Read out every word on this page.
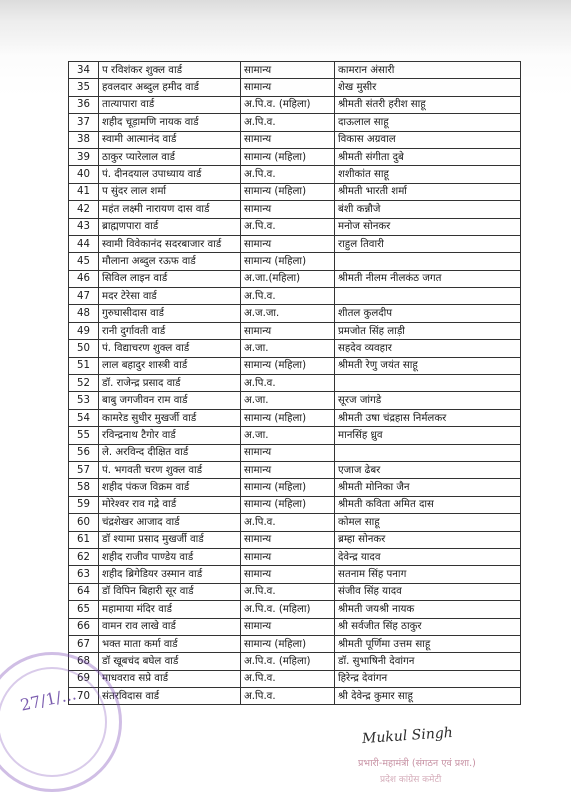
34	प रविशंकर शुक्ल वार्ड	सामान्य	कामरान अंसारी
35	हवलदार अब्दुल हमीद वार्ड	सामान्य	शेख मुसीर
36	तात्यापारा वार्ड	अ.पि.व. (महिला)	श्रीमती संतरी हरीश साहू
37	शहीद चूड़ामणि नायक वार्ड	अ.पि.व.	दाऊलाल साहू
38	स्वामी आत्मानंद वार्ड	सामान्य	विकास अग्रवाल
39	ठाकुर प्यारेलाल वार्ड	सामान्य (महिला)	श्रीमती संगीता दुबे
40	पं. दीनदयाल उपाध्याय वार्ड	अ.पि.व.	शशीकांत साहू
41	प सुंदर लाल शर्मा	सामान्य (महिला)	श्रीमती भारती शर्मा
42	महंत लक्ष्मी नारायण दास वार्ड	सामान्य	बंशी कन्नौजे
43	ब्राह्मणपारा वार्ड	अ.पि.व.	मनोज सोनकर
44	स्वामी विवेकानंद सदरबाजार वार्ड	सामान्य	राहुल तिवारी
45	मौलाना अब्दुल रऊफ वार्ड	सामान्य (महिला)	
46	सिविल लाइन वार्ड	अ.जा.(महिला)	श्रीमती नीलम नीलकंठ जगत
47	मदर टेरेसा वार्ड	अ.पि.व.	
48	गुरुघासीदास वार्ड	अ.ज.जा.	शीतल कुलदीप
49	रानी दुर्गावती वार्ड	सामान्य	प्रमजोत सिंह लाड़ी
50	पं. विद्याचरण शुक्ल वार्ड	अ.जा.	सहदेव व्यवहार
51	लाल बहादुर शास्त्री वार्ड	सामान्य (महिला)	श्रीमती रेणु जयंत साहू
52	डॉ. राजेन्द्र प्रसाद वार्ड	अ.पि.व.	
53	बाबु जगजीवन राम वार्ड	अ.जा.	सूरज जांगडे
54	कामरेड सुधीर मुखर्जी वार्ड	सामान्य (महिला)	श्रीमती उषा चंद्रहास निर्मलकर
55	रविन्द्रनाथ टैगोर वार्ड	अ.जा.	मानसिंह ध्रुव
56	ले. अरविन्द दीक्षित वार्ड	सामान्य	
57	पं. भगवती चरण शुक्ल वार्ड	सामान्य	एजाज ढेबर
58	शहीद पंकज विक्रम वार्ड	सामान्य (महिला)	श्रीमती मोनिका जैन
59	मोरेश्वर राव गद्रे वार्ड	सामान्य (महिला)	श्रीमती कविता अमित दास
60	चंद्रशेखर आजाद वार्ड	अ.पि.व.	कोमल साहू
61	डॉ श्यामा प्रसाद मुखर्जी वार्ड	सामान्य	ब्रम्हा सोनकर
62	शहीद राजीव पाण्डेय वार्ड	सामान्य	देवेन्द्र यादव
63	शहीद ब्रिगेडियर उस्मान वार्ड	सामान्य	सतनाम सिंह पनाग
64	डॉ विपिन बिहारी सूर वार्ड	अ.पि.व.	संजीव सिंह यादव
65	महामाया मंदिर वार्ड	अ.पि.व. (महिला)	श्रीमती जयश्री नायक
66	वामन राव लाखे वार्ड	सामान्य	श्री सर्वजीत सिंह ठाकुर
67	भक्त माता कर्मा वार्ड	सामान्य (महिला)	श्रीमती पूर्णिमा उत्तम साहू
68	डॉ खूबचंद बघेल वार्ड	अ.पि.व. (महिला)	डॉ. सुभाषिनी देवांगन
69	माधवराव सप्रे वार्ड	अ.पि.व.	हिरेन्द्र देवांगन
70	संतरविदास वार्ड	अ.पि.व.	श्री देवेन्द्र कुमार साहू
27/1/...
Mukul Singh
प्रभारी-महामंत्री (संगठन एवं प्रशा.)
प्रदेश कांग्रेस कमेटी
